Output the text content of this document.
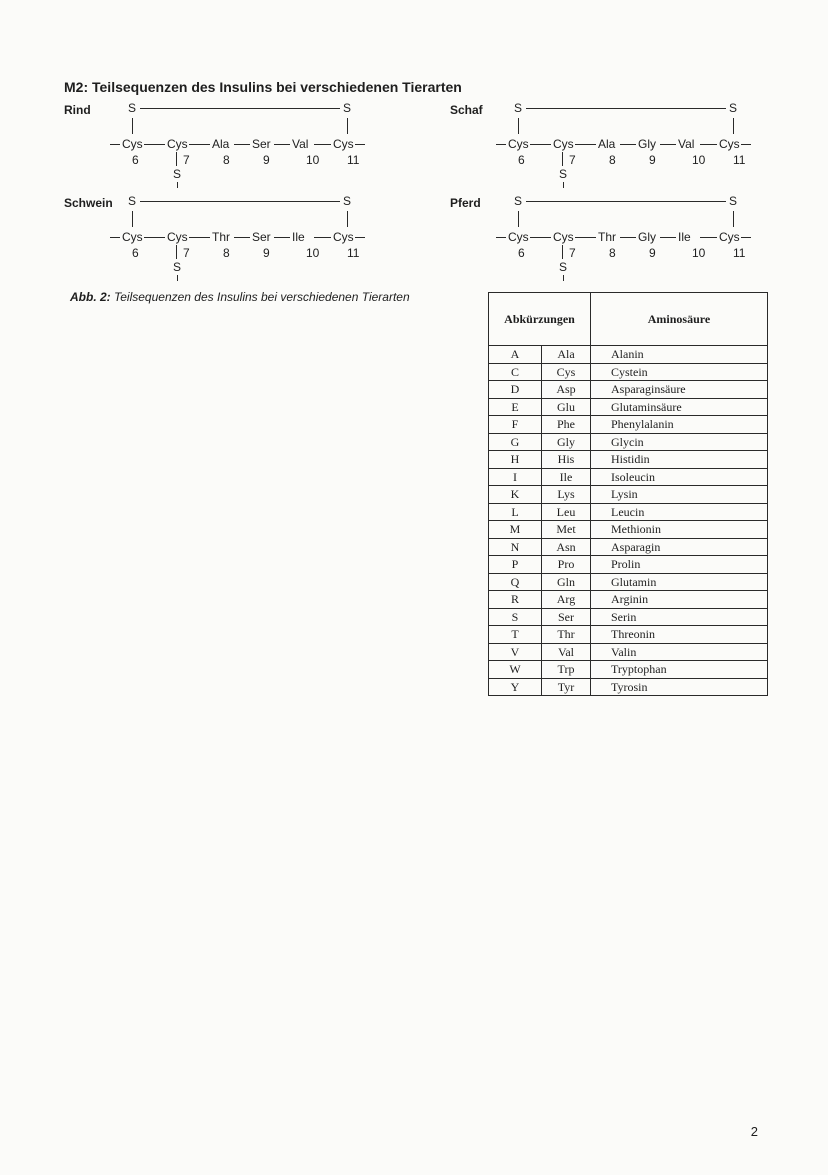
M2: Teilsequenzen des Insulins bei verschiedenen Tierarten
Rind	S	S
Cys Cys Ala Ser Val Cys
6	7	8	9	10 11
S
Schaf	S	S
Cys Cys Ala Gly Val Cys
6	7	8	9	10 11
S
Schwein S	S
Cys Cys Thr Ser Ile Cys
6	7	8	9	10 11
S
Pferd	S	S
Cys Cys Thr Gly Ile Cys
6	7	8	9	10 11
S

Abb. 2: Teilsequenzen des Insulins bei verschiedenen Tierarten

Abkürzungen		Aminosäure
A	Ala	Alanin
C	Cys	Cystein
D	Asp	Asparaginsäure
E	Glu	Glutaminsäure
F	Phe	Phenylalanin
G	Gly	Glycin
H	His	Histidin
I	Ile	Isoleucin
K	Lys	Lysin
L	Leu	Leucin
M	Met	Methionin
N	Asn	Asparagin
P	Pro	Prolin
Q	Gln	Glutamin
R	Arg	Arginin
S	Ser	Serin
T	Thr	Threonin
V	Val	Valin
W	Trp	Tryptophan
Y	Tyr	Tyrosin

2
